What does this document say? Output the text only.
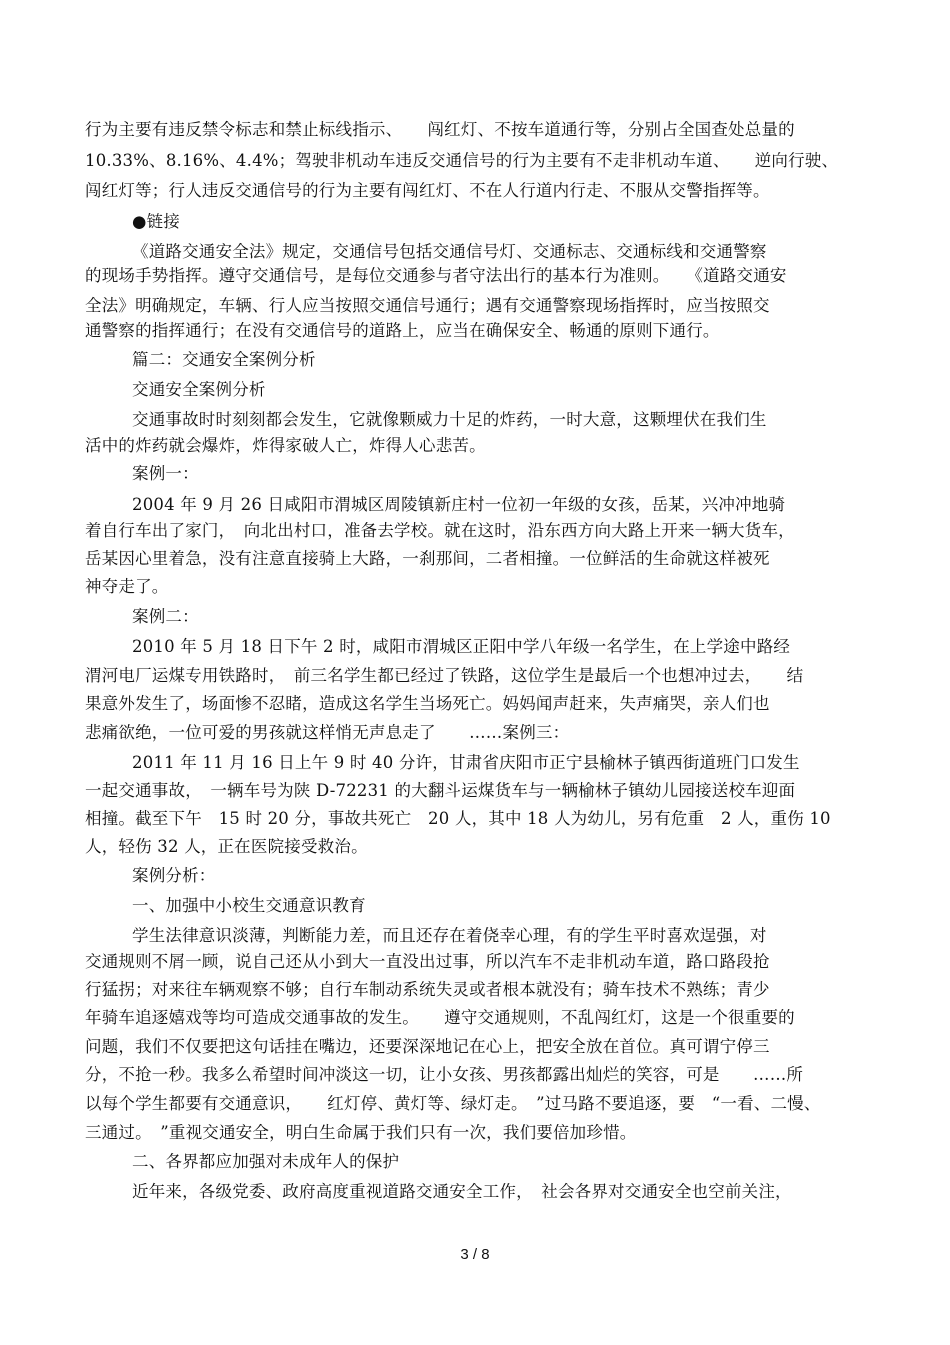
行为主要有违反禁令标志和禁止标线指示、　　闯红灯、不按车道通行等，分别占全国查处总量的
10.33%、8.16%、4.4%；驾驶非机动车违反交通信号的行为主要有不走非机动车道、　　逆向行驶、
闯红灯等；行人违反交通信号的行为主要有闯红灯、不在人行道内行走、不服从交警指挥等。
●链接
《道路交通安全法》规定，交通信号包括交通信号灯、交通标志、交通标线和交通警察
的现场手势指挥。遵守交通信号，是每位交通参与者守法出行的基本行为准则。　　《道路交通安
全法》明确规定，车辆、行人应当按照交通信号通行；遇有交通警察现场指挥时，应当按照交
通警察的指挥通行；在没有交通信号的道路上，应当在确保安全、畅通的原则下通行。
篇二：交通安全案例分析
交通安全案例分析
交通事故时时刻刻都会发生，它就像颗威力十足的炸药，一时大意，这颗埋伏在我们生
活中的炸药就会爆炸，炸得家破人亡，炸得人心悲苦。
案例一：
2004 年 9 月 26 日咸阳市渭城区周陵镇新庄村一位初一年级的女孩，岳某，兴冲冲地骑
着自行车出了家门，　向北出村口，准备去学校。就在这时，沿东西方向大路上开来一辆大货车，
岳某因心里着急，没有注意直接骑上大路，一刹那间，二者相撞。一位鲜活的生命就这样被死
神夺走了。
案例二：
2010 年 5 月 18 日下午 2 时，咸阳市渭城区正阳中学八年级一名学生，在上学途中路经
渭河电厂运煤专用铁路时，　前三名学生都已经过了铁路，这位学生是最后一个也想冲过去，　　结
果意外发生了，场面惨不忍睹，造成这名学生当场死亡。妈妈闻声赶来，失声痛哭，亲人们也
悲痛欲绝，一位可爱的男孩就这样悄无声息走了　　……案例三：
2011 年 11 月 16 日上午 9 时 40 分许，甘肃省庆阳市正宁县榆林子镇西街道班门口发生
一起交通事故，　一辆车号为陕 D-72231 的大翻斗运煤货车与一辆榆林子镇幼儿园接送校车迎面
相撞。截至下午　15 时 20 分，事故共死亡　20 人，其中 18 人为幼儿，另有危重　2 人，重伤 10
人，轻伤 32 人，正在医院接受救治。
案例分析：
一、加强中小校生交通意识教育
学生法律意识淡薄，判断能力差，而且还存在着侥幸心理，有的学生平时喜欢逞强，对
交通规则不屑一顾，说自己还从小到大一直没出过事，所以汽车不走非机动车道，路口路段抢
行猛拐；对来往车辆观察不够；自行车制动系统失灵或者根本就没有；骑车技术不熟练；青少
年骑车追逐嬉戏等均可造成交通事故的发生。　　遵守交通规则，不乱闯红灯，这是一个很重要的
问题，我们不仅要把这句话挂在嘴边，还要深深地记在心上，把安全放在首位。真可谓宁停三
分，不抢一秒。我多么希望时间冲淡这一切，让小女孩、男孩都露出灿烂的笑容，可是　　……所
以每个学生都要有交通意识，　　红灯停、黄灯等、绿灯走。　”过马路不要追逐，要　“一看、二慢、
三通过。　”重视交通安全，明白生命属于我们只有一次，我们要倍加珍惜。
二、各界都应加强对未成年人的保护
近年来，各级党委、政府高度重视道路交通安全工作，　社会各界对交通安全也空前关注，
3 / 8
